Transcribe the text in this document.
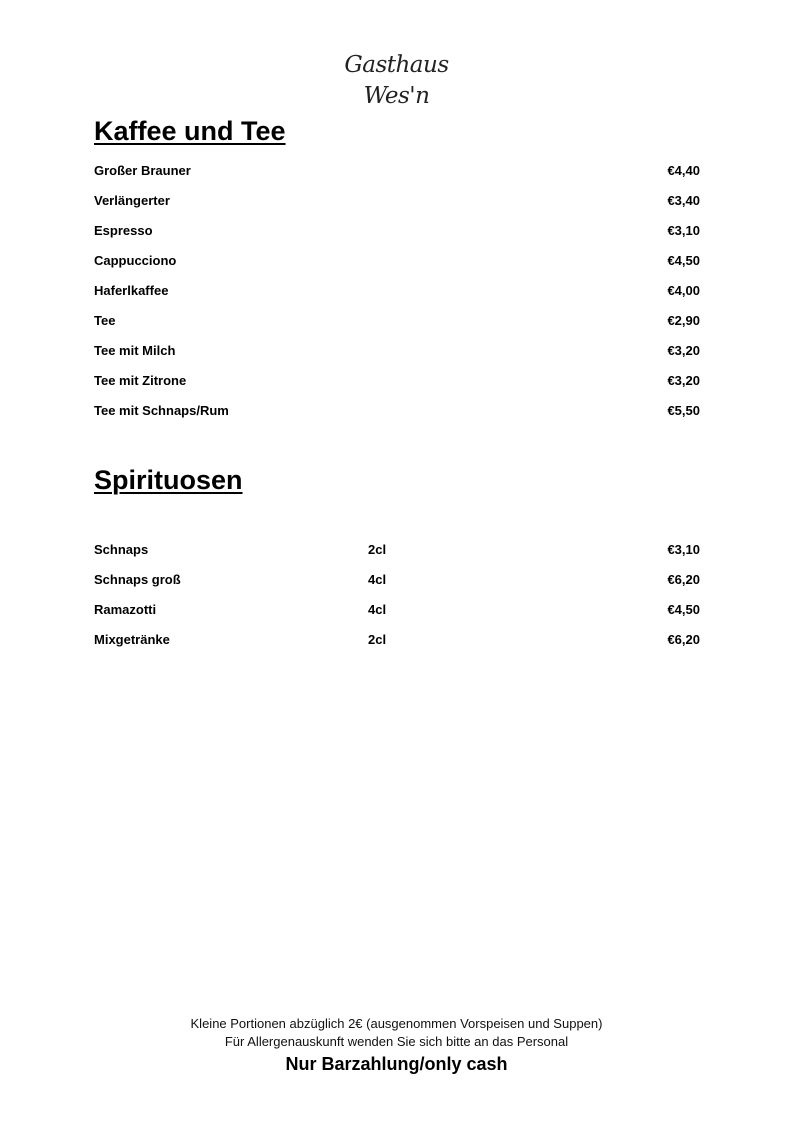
Gasthaus
Wes'n
Kaffee und Tee
Großer Brauner	€4,40
Verlängerter	€3,40
Espresso	€3,10
Cappucciono	€4,50
Haferlkaffee	€4,00
Tee	€2,90
Tee mit Milch	€3,20
Tee mit Zitrone	€3,20
Tee mit Schnaps/Rum	€5,50
Spirituosen
Schnaps	2cl	€3,10
Schnaps groß	4cl	€6,20
Ramazotti	4cl	€4,50
Mixgetränke	2cl	€6,20
Kleine Portionen abzüglich 2€ (ausgenommen Vorspeisen und Suppen)
Für Allergenauskunft wenden Sie sich bitte an das Personal
Nur Barzahlung/only cash
